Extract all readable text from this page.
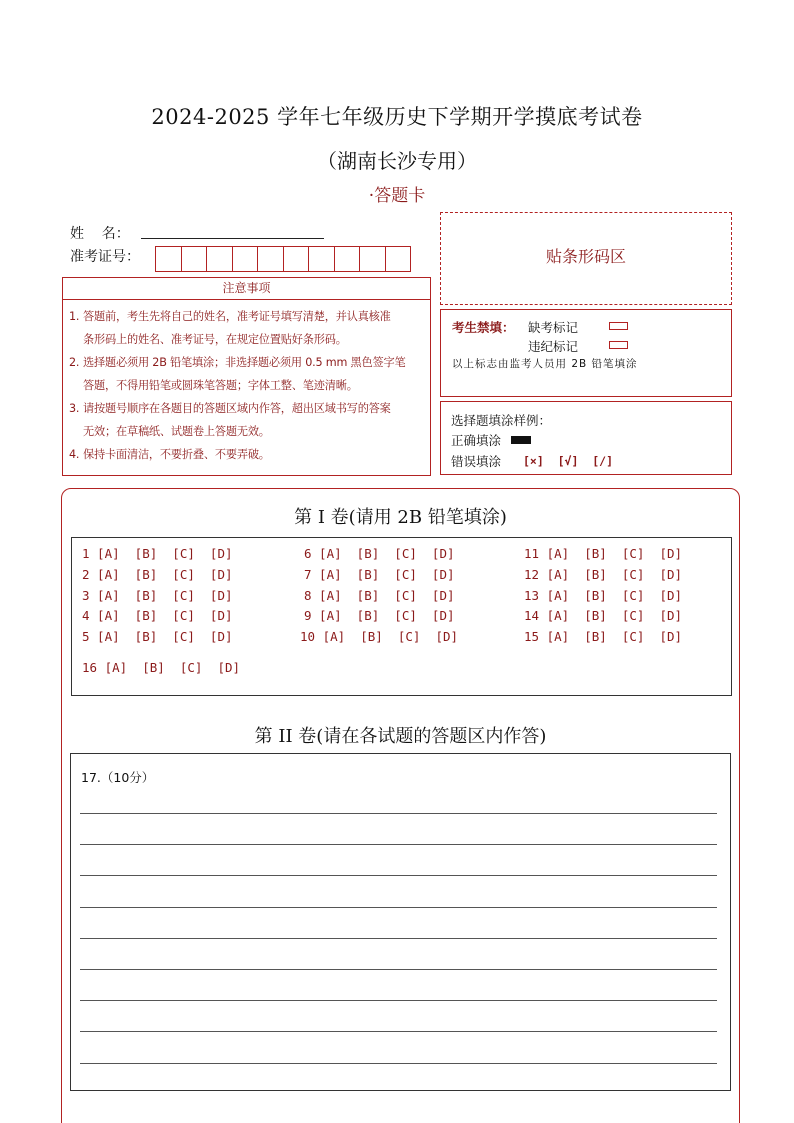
2024-2025 学年七年级历史下学期开学摸底考试卷
（湖南长沙专用）
·答题卡
姓    名：
准考证号：
注意事项
1. 答题前，考生先将自己的姓名，准考证号填写清楚，并认真核准
条形码上的姓名、准考证号，在规定位置贴好条形码。
2. 选择题必须用 2B 铅笔填涂；非选择题必须用 0.5 mm 黑色签字笔
答题，不得用铅笔或圆珠笔答题；字体工整、笔迹清晰。
3. 请按题号顺序在各题目的答题区域内作答，超出区域书写的答案
无效；在草稿纸、试题卷上答题无效。
4. 保持卡面清洁，不要折叠、不要弄破。
贴条形码区
考生禁填： 缺考标记
违纪标记
以上标志由监考人员用 2B 铅笔填涂
选择题填涂样例：
正确填涂
错误填涂 [×]  [√]  [/]
第 I 卷(请用 2B 铅笔填涂)
1 [A]  [B]  [C]  [D]
2 [A]  [B]  [C]  [D]
3 [A]  [B]  [C]  [D]
4 [A]  [B]  [C]  [D]
5 [A]  [B]  [C]  [D]
6 [A]  [B]  [C]  [D]
7 [A]  [B]  [C]  [D]
8 [A]  [B]  [C]  [D]
9 [A]  [B]  [C]  [D]
10 [A]  [B]  [C]  [D]
11 [A]  [B]  [C]  [D]
12 [A]  [B]  [C]  [D]
13 [A]  [B]  [C]  [D]
14 [A]  [B]  [C]  [D]
15 [A]  [B]  [C]  [D]
16 [A]  [B]  [C]  [D]
第 II 卷(请在各试题的答题区内作答)
17.（10分）
